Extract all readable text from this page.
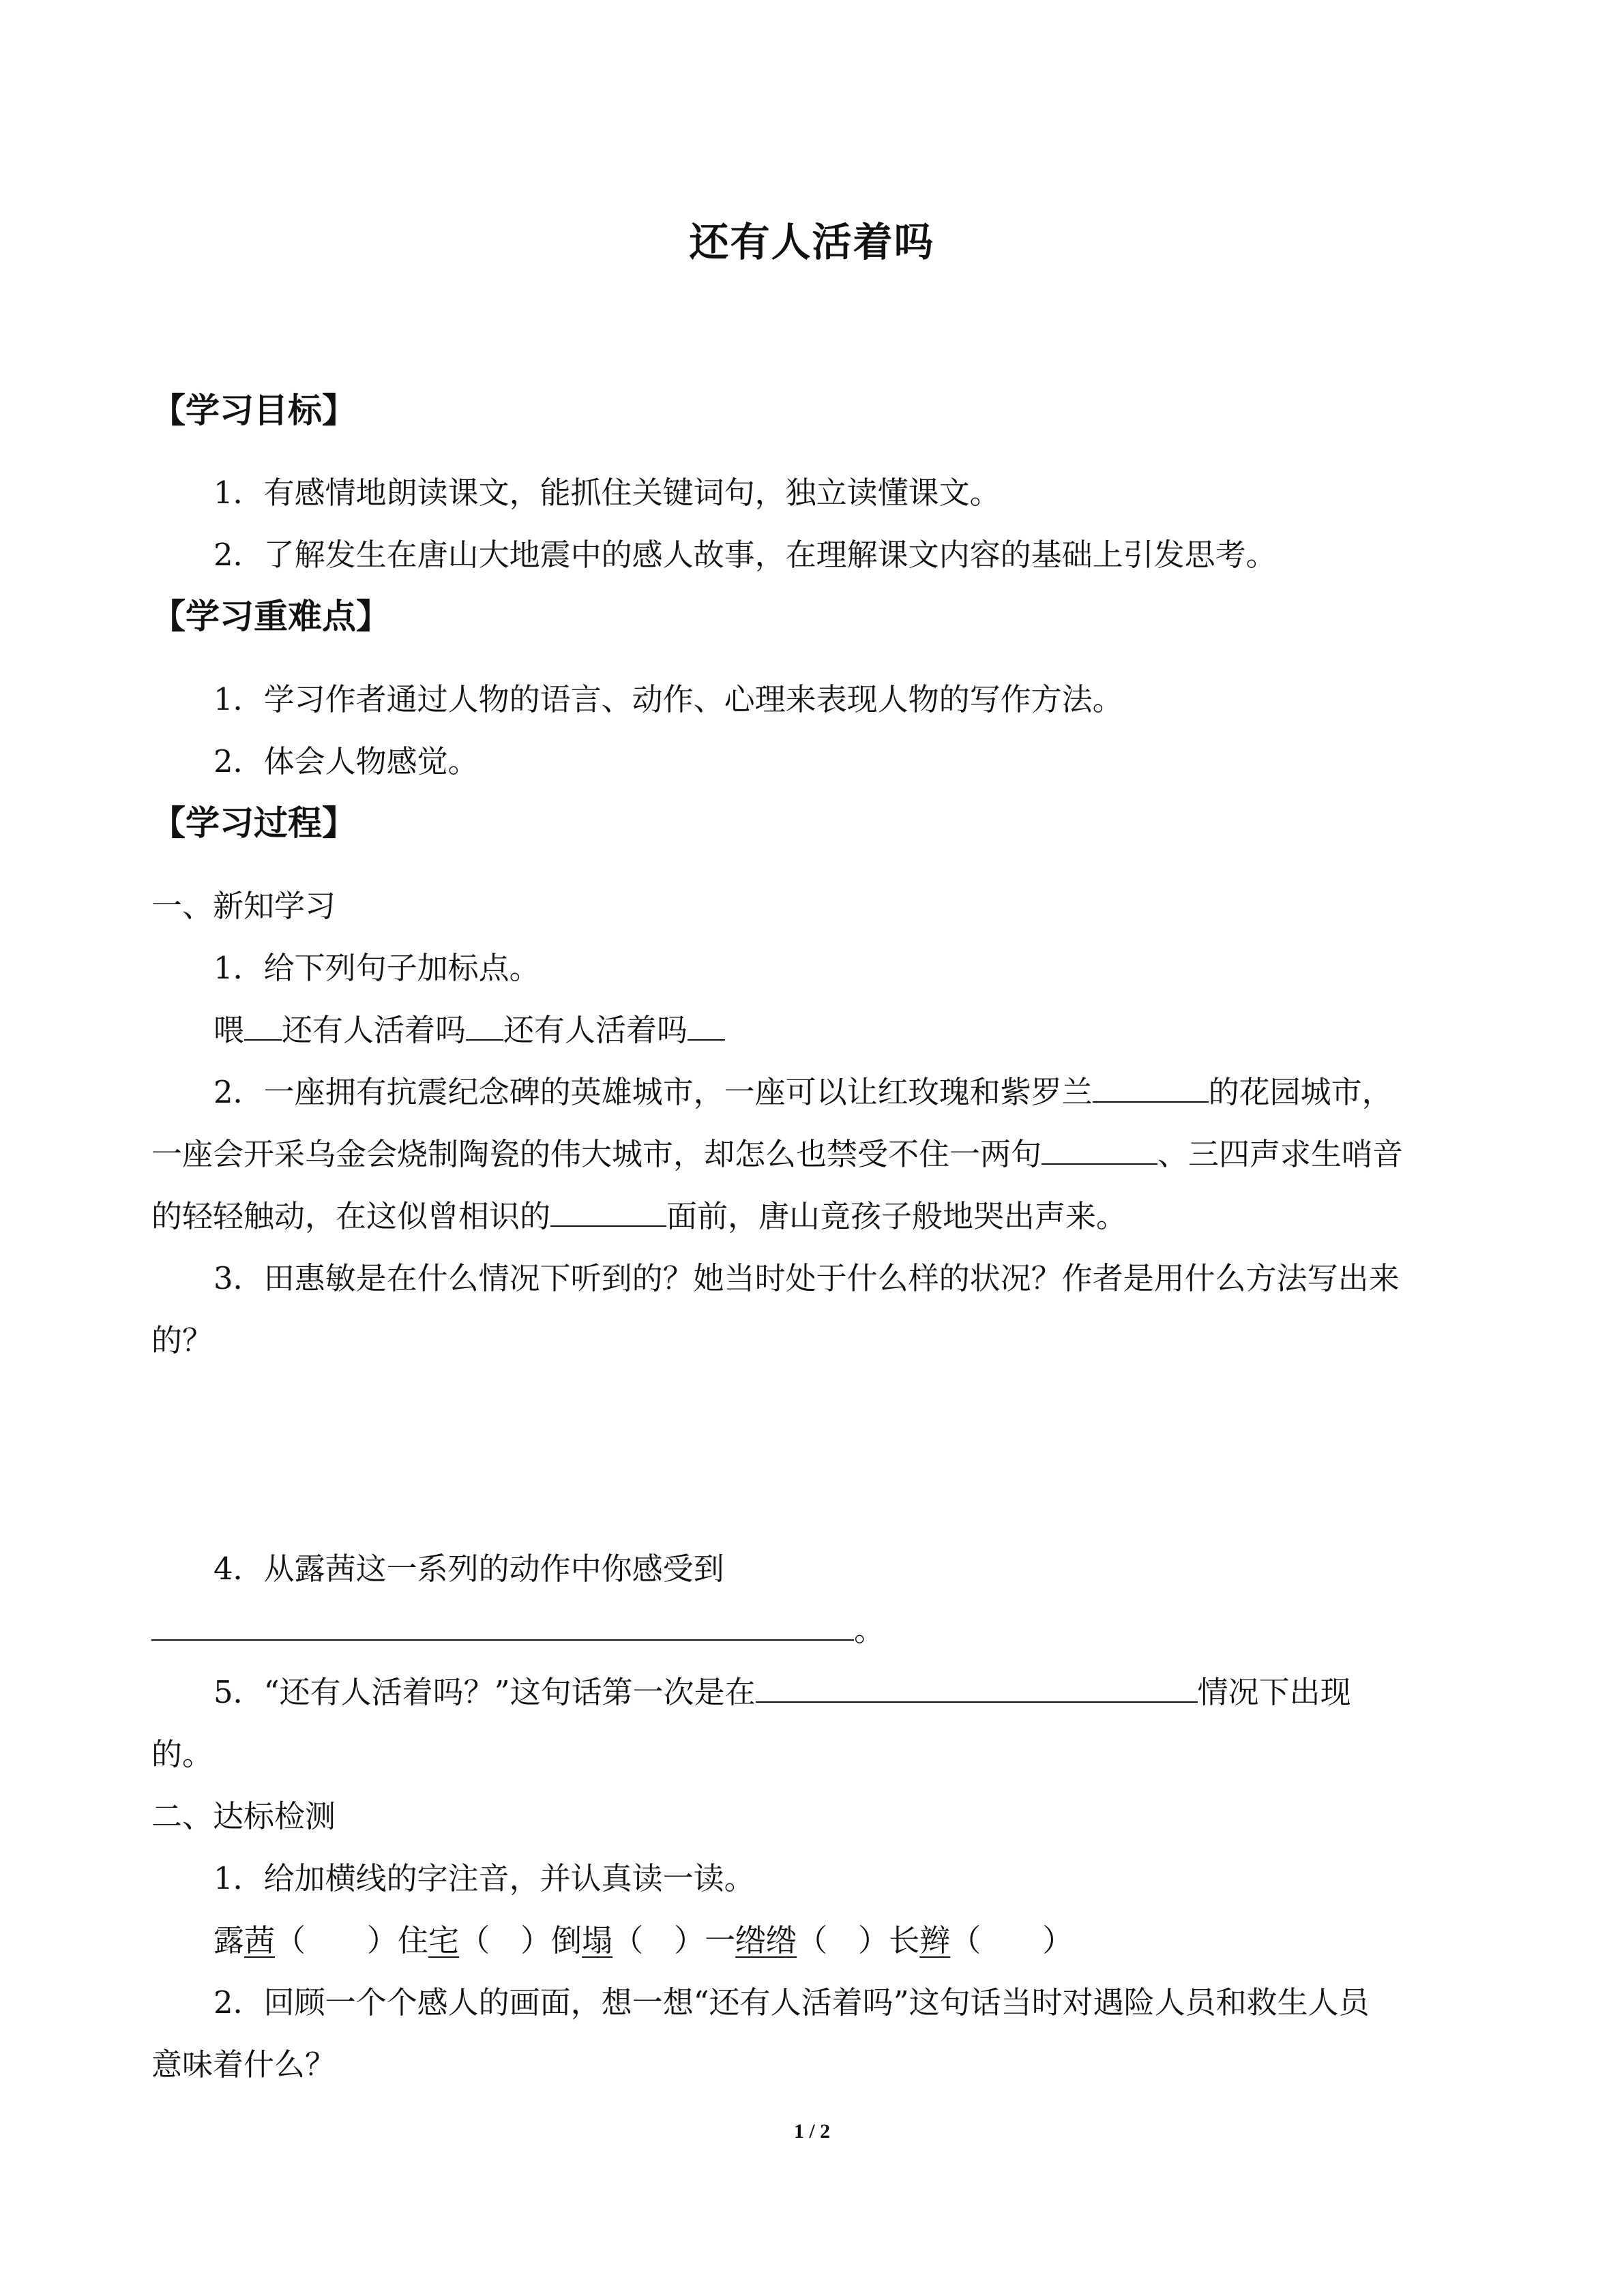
还有人活着吗
【学习目标】
1．有感情地朗读课文，能抓住关键词句，独立读懂课文。
2．了解发生在唐山大地震中的感人故事，在理解课文内容的基础上引发思考。
【学习重难点】
1．学习作者通过人物的语言、动作、心理来表现人物的写作方法。
2．体会人物感觉。
【学习过程】
一、新知学习
1．给下列句子加标点。
喂 还有人活着吗 还有人活着吗
2．一座拥有抗震纪念碑的英雄城市，一座可以让红玫瑰和紫罗兰	的花园城市，
一座会开采乌金会烧制陶瓷的伟大城市，却怎么也禁受不住一两句	、三四声求生哨音
的轻轻触动，在这似曾相识的	面前，唐山竟孩子般地哭出声来。
3．田惠敏是在什么情况下听到的？她当时处于什么样的状况？作者是用什么方法写出来
的？
4．从露茜这一系列的动作中你感受到
。
5．“还有人活着吗？”这句话第一次是在	情况下出现
的。
二、达标检测
1．给加横线的字注音，并认真读一读。
露茜（　　）住宅（　）倒塌（　）一绺绺（　）长辫（　　）
2．回顾一个个感人的画面，想一想“还有人活着吗”这句话当时对遇险人员和救生人员
意味着什么？
1 / 2
